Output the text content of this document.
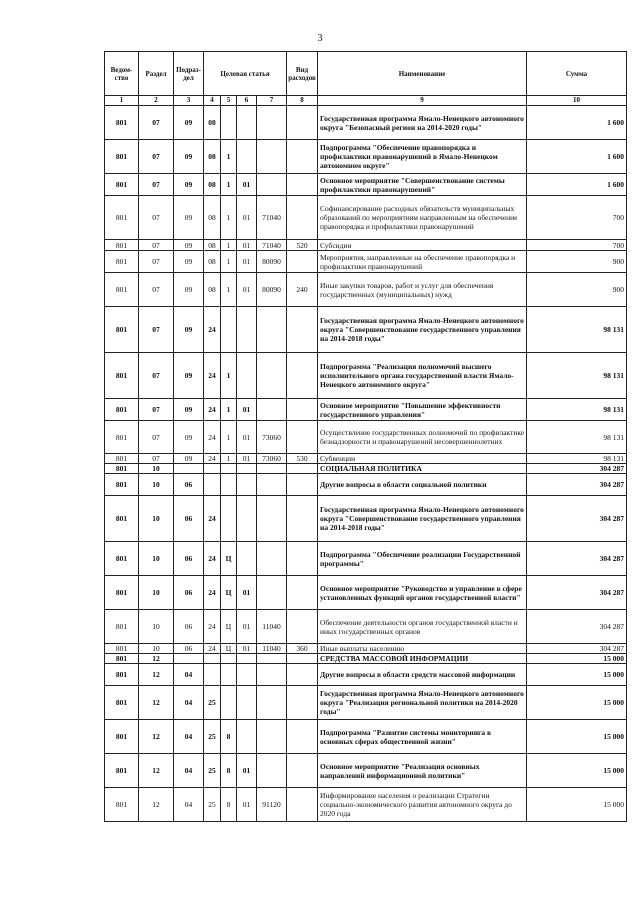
3
Ведом-ство	Раздел	Подраз-дел	Целевая статья				Вид расходов	Наименование	Сумма
1	2	3	4	5	6	7	8	9	10
801	07	09	08					Государственная программа Ямало-Ненецкого автономного округа "Безопасный регион на 2014-2020 годы"	1 600
801	07	09	08	1				Подпрограмма "Обеспечение правопорядка и профилактики правонарушений в Ямало-Ненецком автономном округе"	1 600
801	07	09	08	1	01			Основное мероприятие "Совершенствование системы профилактики правонарушений"	1 600
801	07	09	08	1	01	71040		Софинансирование расходных обязательств муниципальных образований по мероприятиям направленным на обеспечение правопорядка и профилактики правонарушений	700
801	07	09	08	1	01	71040	520	Субсидии	700
801	07	09	08	1	01	80090		Мероприятия, направленные на обеспечение правопорядка и профилактики правонарушений	900
801	07	09	08	1	01	80090	240	Иные закупки товаров, работ и услуг для обеспечения государственных (муниципальных) нужд	900
801	07	09	24					Государственная программа Ямало-Ненецкого автономного округа "Совершенствование государственного управления на 2014-2018 годы"	98 131
801	07	09	24	1				Подпрограмма "Реализация полномочий высшего исполнительного органа государственной власти Ямало-Ненецкого автономного округа"	98 131
801	07	09	24	1	01			Основное мероприятие "Повышение эффективности государственного управления"	98 131
801	07	09	24	1	01	73060		Осуществление государственных полномочий по профилактике безнадзорности и правонарушений несовершеннолетних	98 131
801	07	09	24	1	01	73060	530	Субвенции	98 131
801	10							СОЦИАЛЬНАЯ ПОЛИТИКА	304 287
801	10	06						Другие вопросы в области социальной политики	304 287
801	10	06	24					Государственная программа Ямало-Ненецкого автономного округа "Совершенствование государственного управления на 2014-2018 годы"	304 287
801	10	06	24	Ц				Подпрограмма "Обеспечение реализации Государственной программы"	304 287
801	10	06	24	Ц	01			Основное мероприятие "Руководство и управление в сфере установленных функций органов государственной власти"	304 287
801	10	06	24	Ц	01	11040		Обеспечение деятельности органов государственной власти и иных государственных органов	304 287
801	10	06	24	Ц	01	11040	360	Иные выплаты населению	304 287
801	12							СРЕДСТВА МАССОВОЙ ИНФОРМАЦИИ	15 000
801	12	04						Другие вопросы в области средств массовой информации	15 000
801	12	04	25					Государственная программа Ямало-Ненецкого автономного округа "Реализация региональной политики на 2014-2020 годы"	15 000
801	12	04	25	8				Подпрограмма "Развитие системы мониторинга в основных сферах общественной жизни"	15 000
801	12	04	25	8	01			Основное мероприятие "Реализация основных направлений информационной политики"	15 000
801	12	04	25	8	01	91120		Информирование населения о реализации Стратегии социально-экономического развития автономного округа до 2020 года	15 000
